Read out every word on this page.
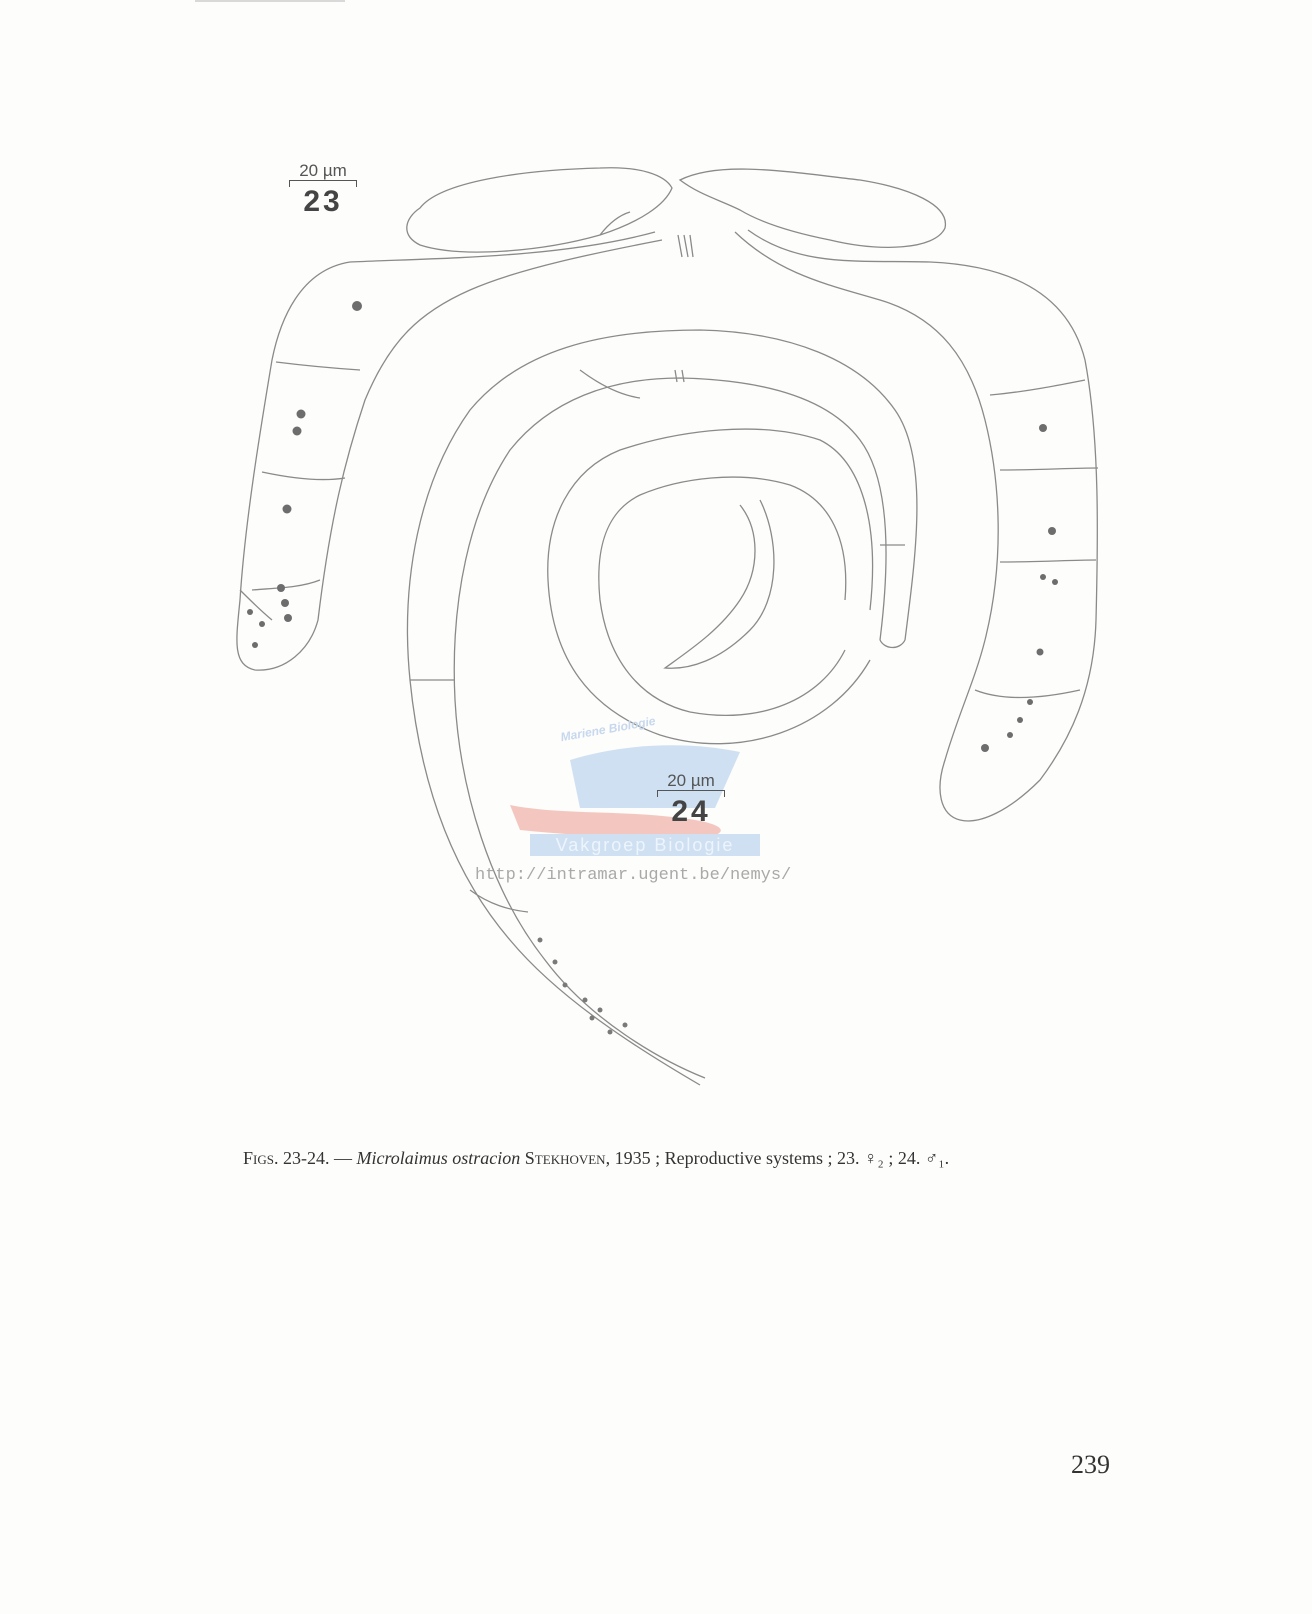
20 µm
23
20 µm
24
Mariene Biologie
Vakgroep Biologie
http://intramar.ugent.be/nemys/
Figs. 23-24. — Microlaimus ostracion Stekhoven, 1935 ; Reproductive systems ; 23. ♀₂ ; 24. ♂₁.
239
